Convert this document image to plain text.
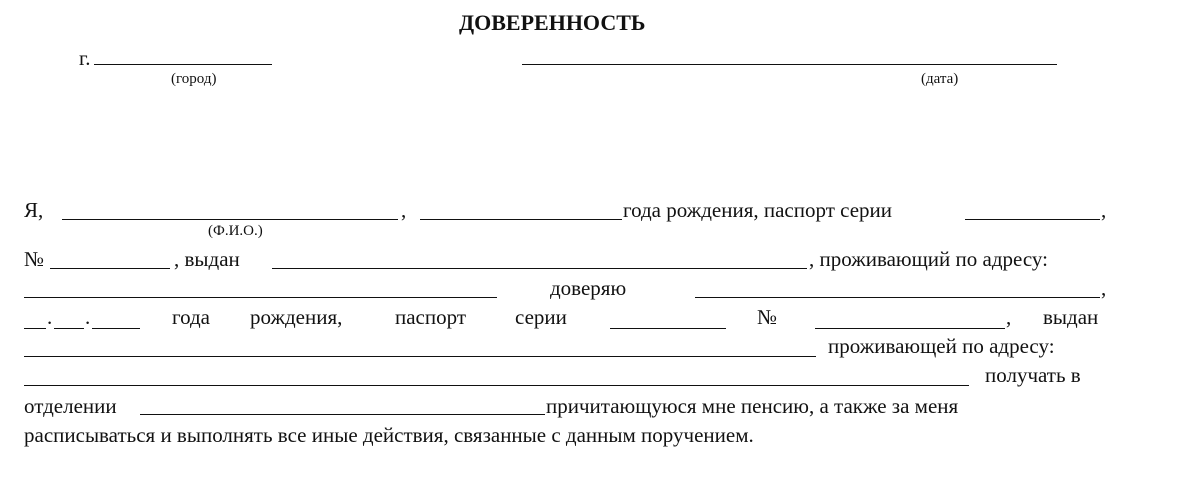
ДОВЕРЕННОСТЬ
г.
(город)	(дата)
Я,
(Ф.И.О.)
,	года рождения, паспорт серии	,
№	, выдан	, проживающий по адресу:
доверяю	,
. .	года рождения,	паспорт серии	№	, выдан
проживающей по адресу:
получать в
отделении	причитающуюся мне пенсию, а также за меня
расписываться и выполнять все иные действия, связанные с данным поручением.
